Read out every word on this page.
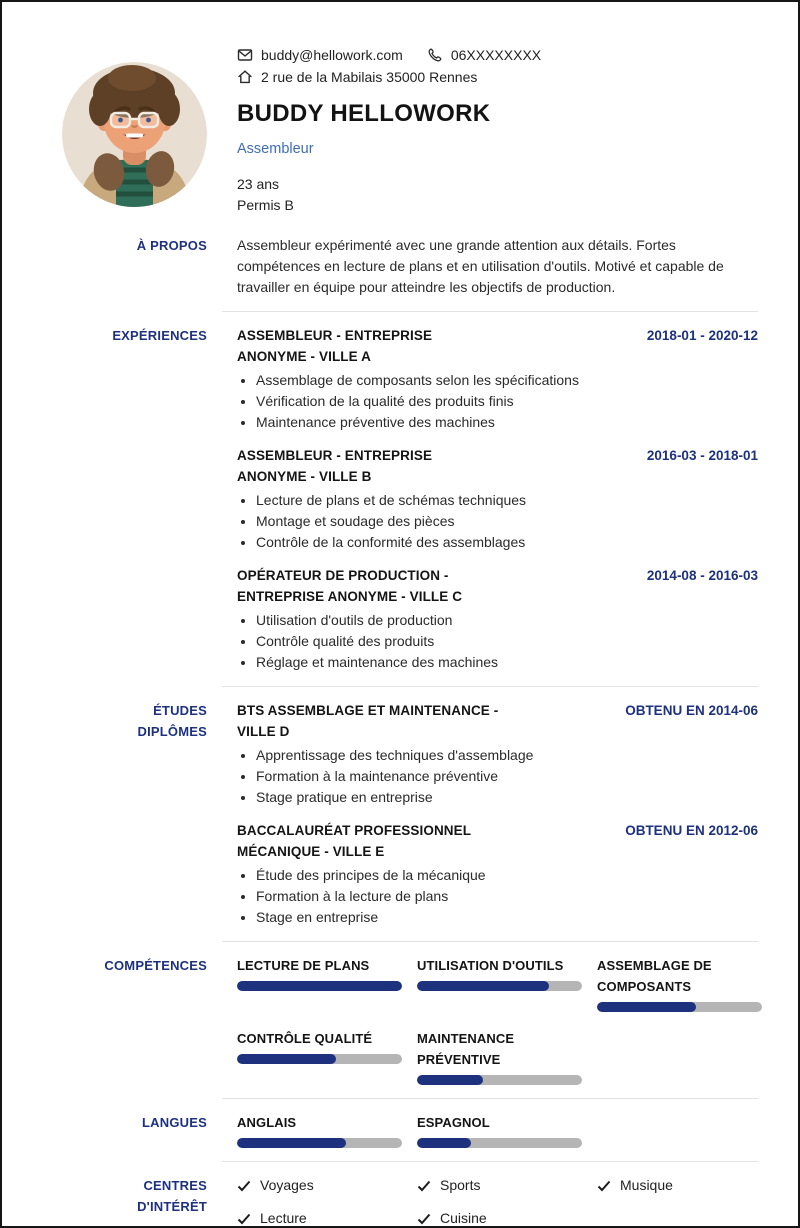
buddy@hellowork.com	06XXXXXXXX
2 rue de la Mabilais 35000 Rennes
BUDDY HELLOWORK
Assembleur
23 ans
Permis B
À PROPOS Assembleur expérimenté avec une grande attention aux détails. Fortes compétences en lecture de plans et en utilisation d'outils. Motivé et capable de travailler en équipe pour atteindre les objectifs de production.

EXPÉRIENCES ASSEMBLEUR - ENTREPRISE ANONYME - VILLE A
• Assemblage de composants selon les spécifications
• Vérification de la qualité des produits finis
• Maintenance préventive des machines
2018-01 - 2020-12
ASSEMBLEUR - ENTREPRISE ANONYME - VILLE B
• Lecture de plans et de schémas techniques
• Montage et soudage des pièces
• Contrôle de la conformité des assemblages
2016-03 - 2018-01
OPÉRATEUR DE PRODUCTION - ENTREPRISE ANONYME - VILLE C
• Utilisation d'outils de production
• Contrôle qualité des produits
• Réglage et maintenance des machines
2014-08 - 2016-03
ÉTUDES DIPLÔMES
BTS ASSEMBLAGE ET MAINTENANCE - VILLE D
• Apprentissage des techniques d'assemblage
• Formation à la maintenance préventive
• Stage pratique en entreprise
OBTENU EN 2014-06
BACCALAURÉAT PROFESSIONNEL MÉCANIQUE - VILLE E
• Étude des principes de la mécanique
• Formation à la lecture de plans
• Stage en entreprise
OBTENU EN 2012-06
COMPÉTENCES LECTURE DE PLANS	UTILISATION D'OUTILS	ASSEMBLAGE DE COMPOSANTS
CONTRÔLE QUALITÉ	MAINTENANCE PRÉVENTIVE
LANGUES ANGLAIS	ESPAGNOL
CENTRES D'INTÉRÊT
Voyages	Sports	Musique
Lecture	Cuisine
